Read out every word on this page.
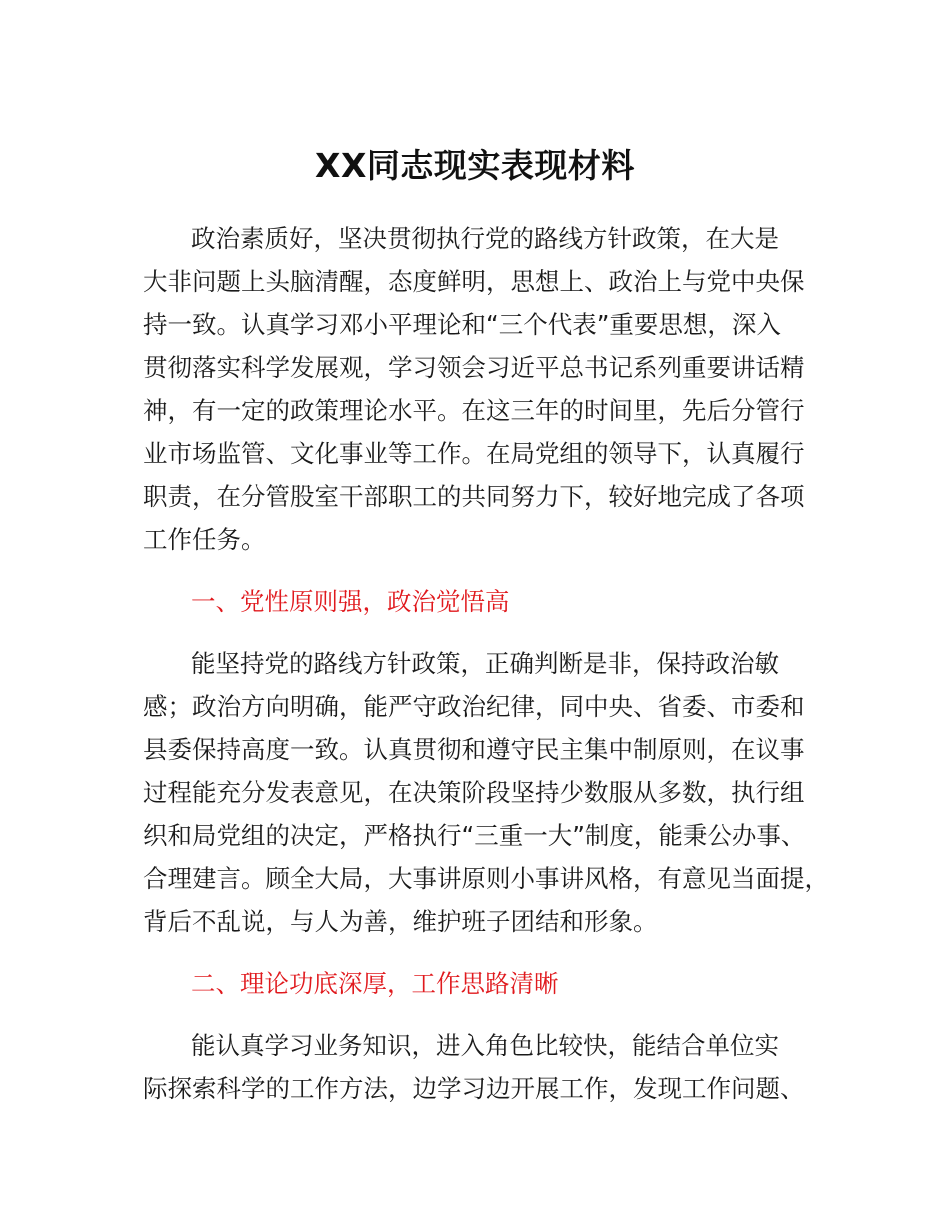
XX同志现实表现材料
政治素质好，坚决贯彻执行党的路线方针政策，在大是
大非问题上头脑清醒，态度鲜明，思想上、政治上与党中央保
持一致。认真学习邓小平理论和“三个代表”重要思想，深入
贯彻落实科学发展观，学习领会习近平总书记系列重要讲话精
神，有一定的政策理论水平。在这三年的时间里，先后分管行
业市场监管、文化事业等工作。在局党组的领导下，认真履行
职责，在分管股室干部职工的共同努力下，较好地完成了各项
工作任务。
一、党性原则强，政治觉悟高
能坚持党的路线方针政策，正确判断是非，保持政治敏
感；政治方向明确，能严守政治纪律，同中央、省委、市委和
县委保持高度一致。认真贯彻和遵守民主集中制原则，在议事
过程能充分发表意见，在决策阶段坚持少数服从多数，执行组
织和局党组的决定，严格执行“三重一大”制度，能秉公办事、
合理建言。顾全大局，大事讲原则小事讲风格，有意见当面提，
背后不乱说，与人为善，维护班子团结和形象。
二、理论功底深厚，工作思路清晰
能认真学习业务知识，进入角色比较快，能结合单位实
际探索科学的工作方法，边学习边开展工作，发现工作问题、
